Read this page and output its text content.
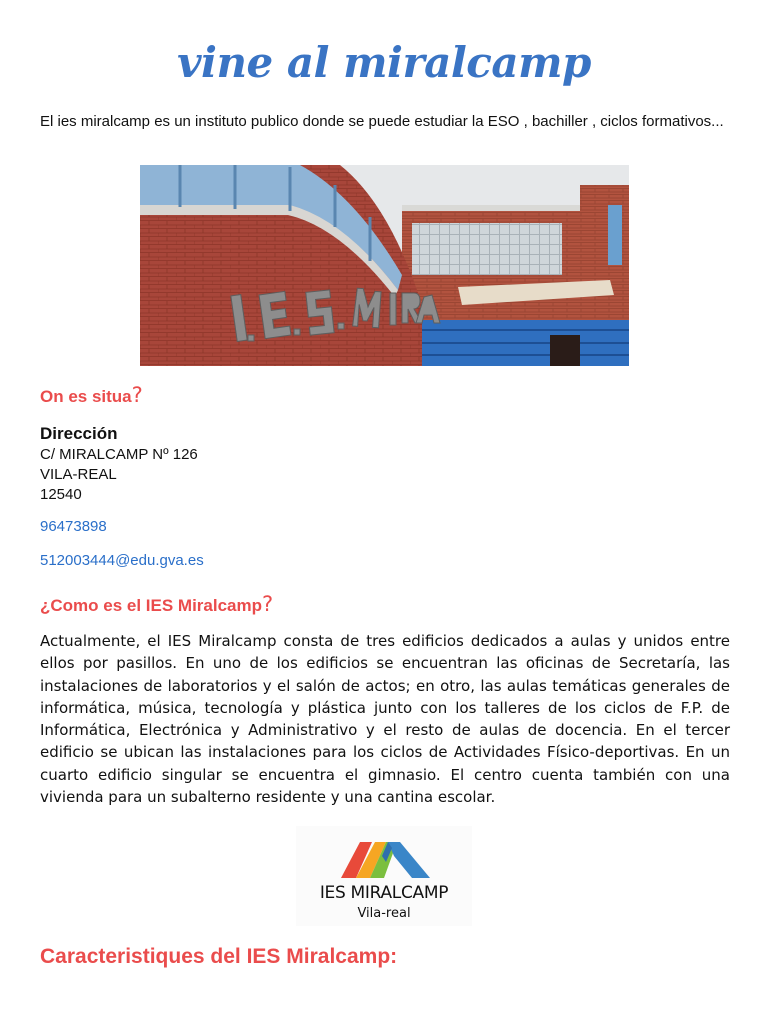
vine al miralcamp

El ies miralcamp es un instituto publico donde se puede estudiar la ESO , bachiller , ciclos formativos...

On es situa?
Dirección

C/ MIRALCAMP Nº 126

VILA-REAL

12540

96473898
512003444@edu.gva.es
¿Como es el IES Miralcamp?

Actualmente, el IES Miralcamp consta de tres edificios dedicados a aulas y unidos entre ellos por pasillos. En uno de los edificios se encuentran las oficinas de Secretaría, las instalaciones de laboratorios y el salón de actos; en otro, las aulas temáticas generales de informática, música, tecnología y plástica junto con los talleres de los ciclos de F.P. de Informática, Electrónica y Administrativo y el resto de aulas de docencia. En el tercer edificio se ubican las instalaciones para los ciclos de Actividades Físico-deportivas. En un cuarto edificio singular se encuentra el gimnasio. El centro cuenta también con una vivienda para un subalterno residente y una cantina escolar.

IES MIRALCAMP

Vila-real

Caracteristiques del IES Miralcamp:
